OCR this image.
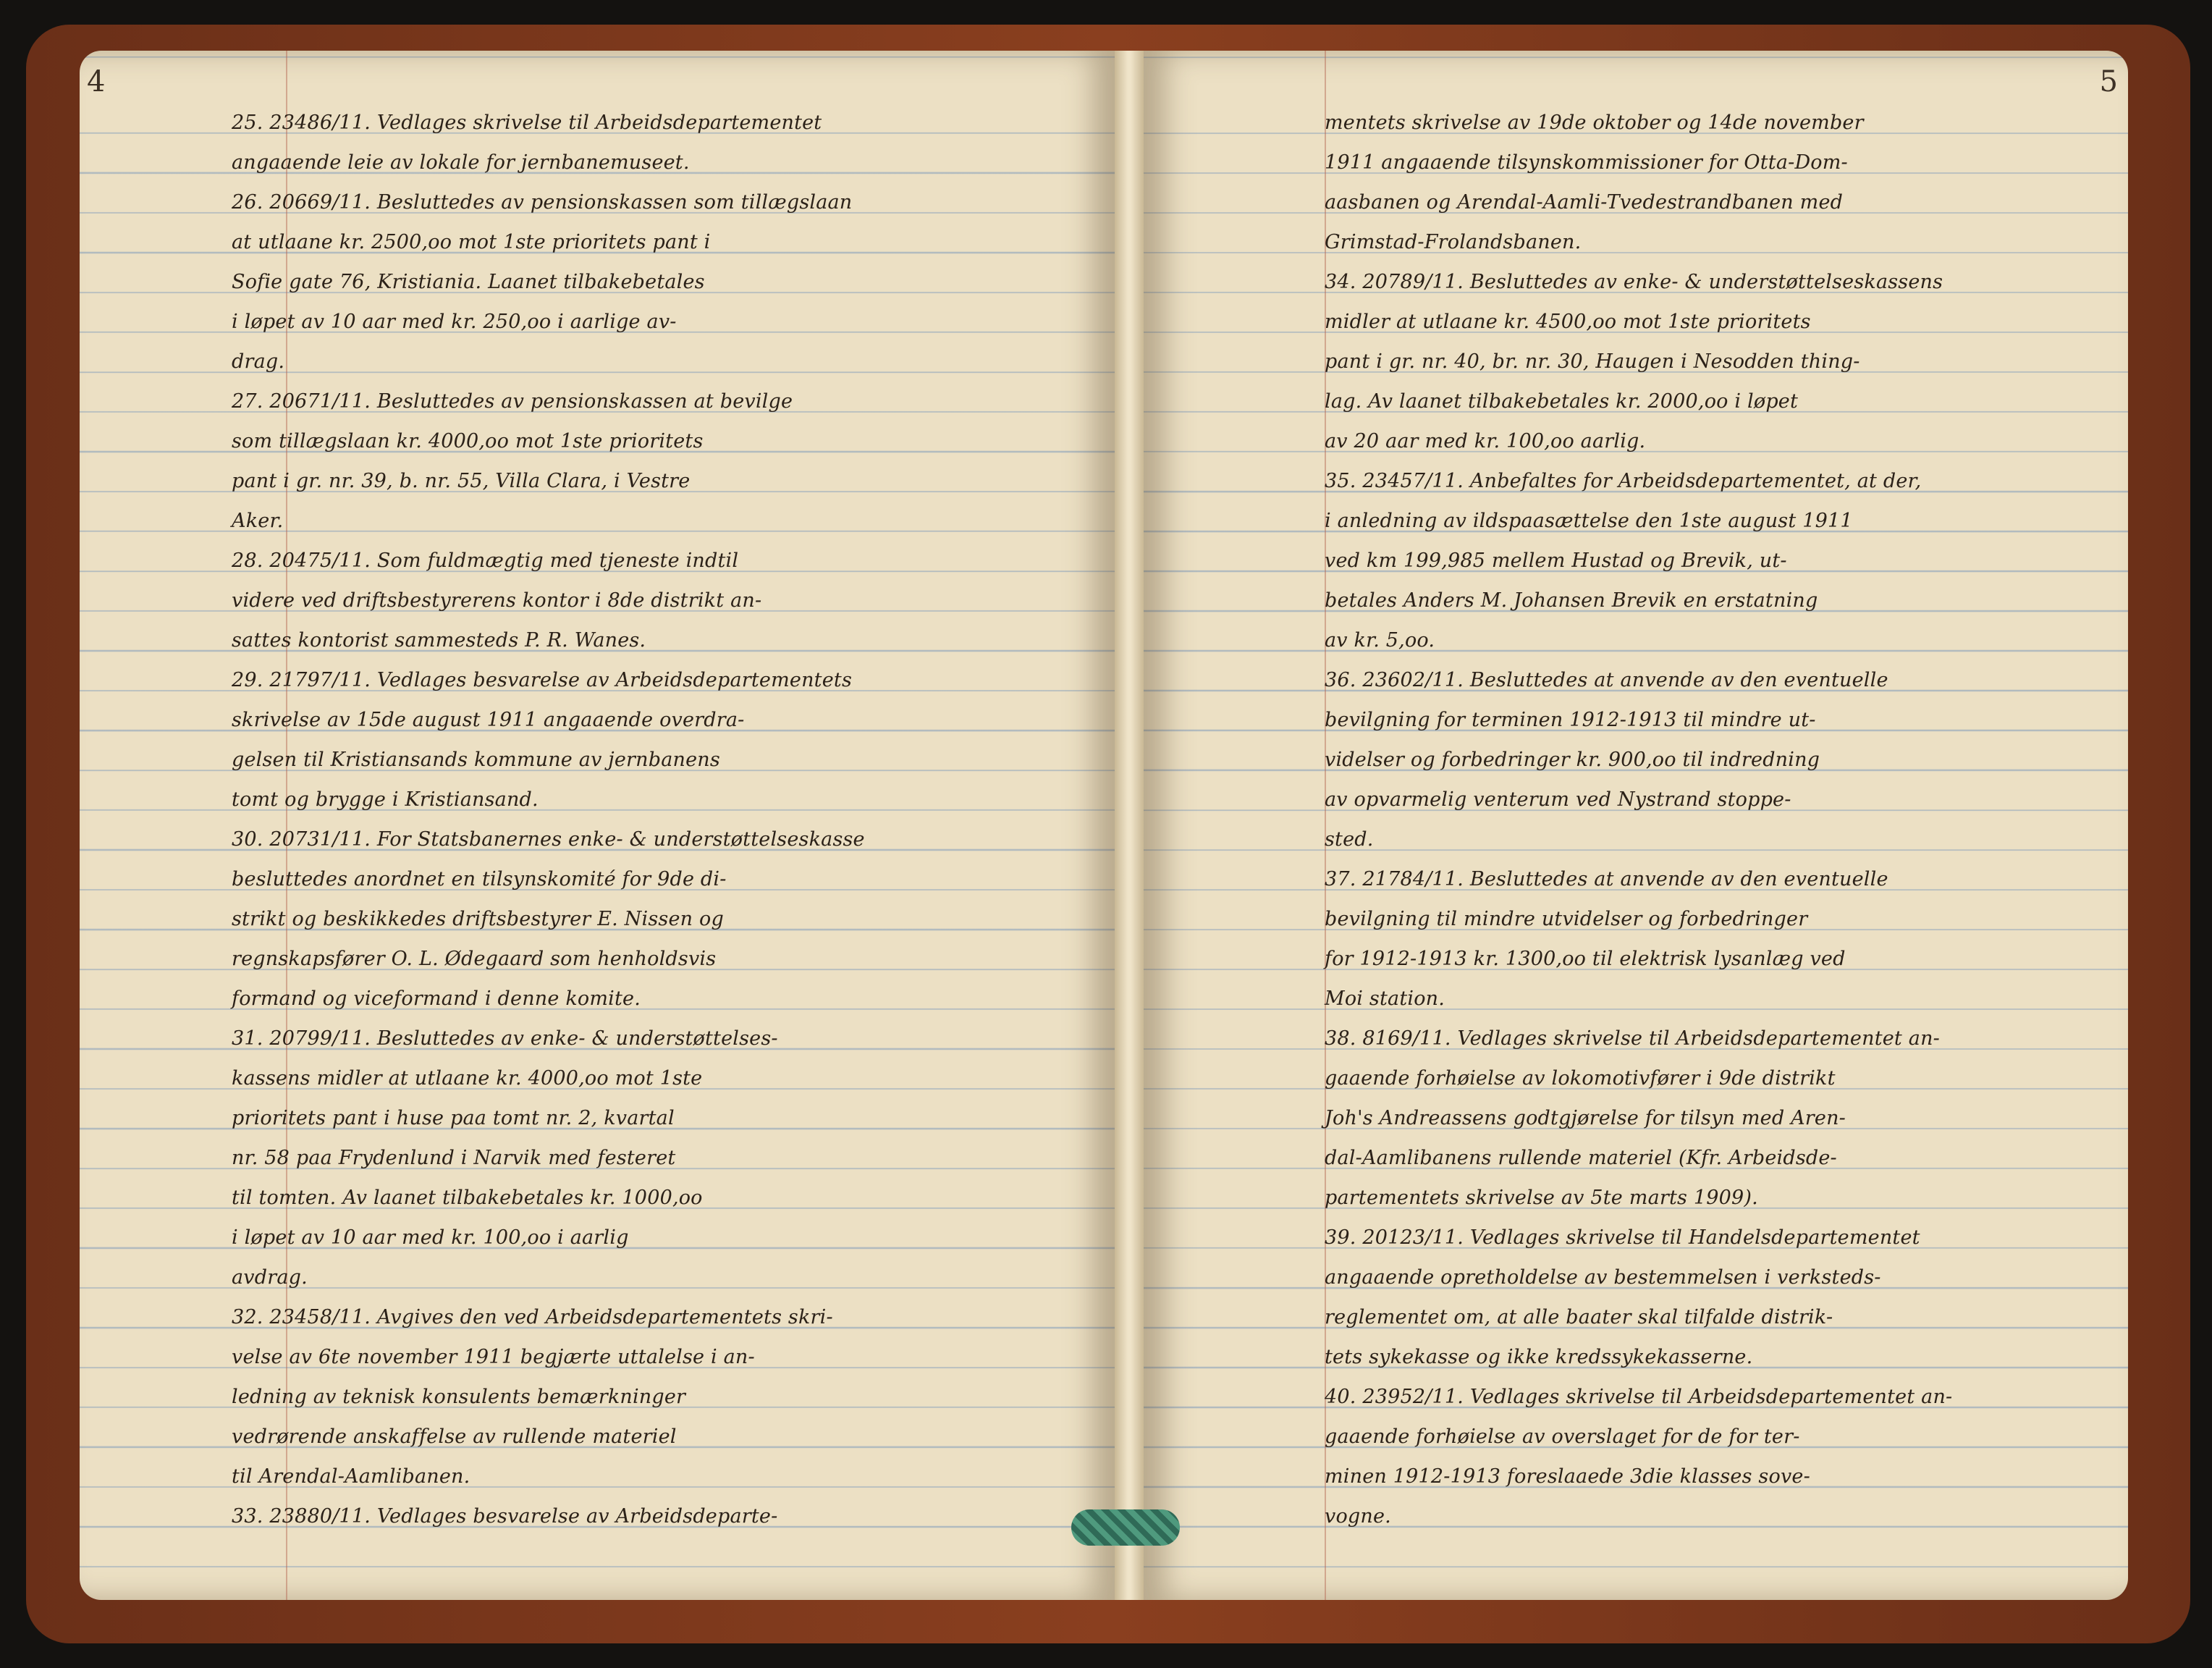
4
25. 23486/11. Vedlages skrivelse til Arbeidsdepartementet
angaaende leie av lokale for jernbanemuseet.
26. 20669/11. Besluttedes av pensionskassen som tillægslaan
at utlaane kr. 2500,oo mot 1ste prioritets pant i
Sofie gate 76, Kristiania. Laanet tilbakebetales
i løpet av 10 aar med kr. 250,oo i aarlige av-
drag.
27. 20671/11. Besluttedes av pensionskassen at bevilge
som tillægslaan kr. 4000,oo mot 1ste prioritets
pant i gr. nr. 39, b. nr. 55, Villa Clara, i Vestre
Aker.
28. 20475/11. Som fuldmægtig med tjeneste indtil
videre ved driftsbestyrerens kontor i 8de distrikt an-
sattes kontorist sammesteds P. R. Wanes.
29. 21797/11. Vedlages besvarelse av Arbeidsdepartementets
skrivelse av 15de august 1911 angaaende overdra-
gelsen til Kristiansands kommune av jernbanens
tomt og brygge i Kristiansand.
30. 20731/11. For Statsbanernes enke- & understøttelseskasse
besluttedes anordnet en tilsynskomité for 9de di-
strikt og beskikkedes driftsbestyrer E. Nissen og
regnskapsfører O. L. Ødegaard som henholdsvis
formand og viceformand i denne komite.
31. 20799/11. Besluttedes av enke- & understøttelses-
kassens midler at utlaane kr. 4000,oo mot 1ste
prioritets pant i huse paa tomt nr. 2, kvartal
nr. 58 paa Frydenlund i Narvik med festeret
til tomten. Av laanet tilbakebetales kr. 1000,oo
i løpet av 10 aar med kr. 100,oo i aarlig
avdrag.
32. 23458/11. Avgives den ved Arbeidsdepartementets skri-
velse av 6te november 1911 begjærte uttalelse i an-
ledning av teknisk konsulents bemærkninger
vedrørende anskaffelse av rullende materiel
til Arendal-Aamlibanen.
33. 23880/11. Vedlages besvarelse av Arbeidsdeparte-
5
mentets skrivelse av 19de oktober og 14de november
1911 angaaende tilsynskommissioner for Otta-Dom-
aasbanen og Arendal-Aamli-Tvedestrandbanen med
Grimstad-Frolandsbanen.
34. 20789/11. Besluttedes av enke- & understøttelseskassens
midler at utlaane kr. 4500,oo mot 1ste prioritets
pant i gr. nr. 40, br. nr. 30, Haugen i Nesodden thing-
lag. Av laanet tilbakebetales kr. 2000,oo i løpet
av 20 aar med kr. 100,oo aarlig.
35. 23457/11. Anbefaltes for Arbeidsdepartementet, at der,
i anledning av ildspaasættelse den 1ste august 1911
ved km 199,985 mellem Hustad og Brevik, ut-
betales Anders M. Johansen Brevik en erstatning
av kr. 5,oo.
36. 23602/11. Besluttedes at anvende av den eventuelle
bevilgning for terminen 1912-1913 til mindre ut-
videlser og forbedringer kr. 900,oo til indredning
av opvarmelig venterum ved Nystrand stoppe-
sted.
37. 21784/11. Besluttedes at anvende av den eventuelle
bevilgning til mindre utvidelser og forbedringer
for 1912-1913 kr. 1300,oo til elektrisk lysanlæg ved
Moi station.
38. 8169/11. Vedlages skrivelse til Arbeidsdepartementet an-
gaaende forhøielse av lokomotivfører i 9de distrikt
Joh's Andreassens godtgjørelse for tilsyn med Aren-
dal-Aamlibanens rullende materiel (Kfr. Arbeidsde-
partementets skrivelse av 5te marts 1909).
39. 20123/11. Vedlages skrivelse til Handelsdepartementet
angaaende opretholdelse av bestemmelsen i verksteds-
reglementet om, at alle baater skal tilfalde distrik-
tets sykekasse og ikke kredssykekasserne.
40. 23952/11. Vedlages skrivelse til Arbeidsdepartementet an-
gaaende forhøielse av overslaget for de for ter-
minen 1912-1913 foreslaaede 3die klasses sove-
vogne.
